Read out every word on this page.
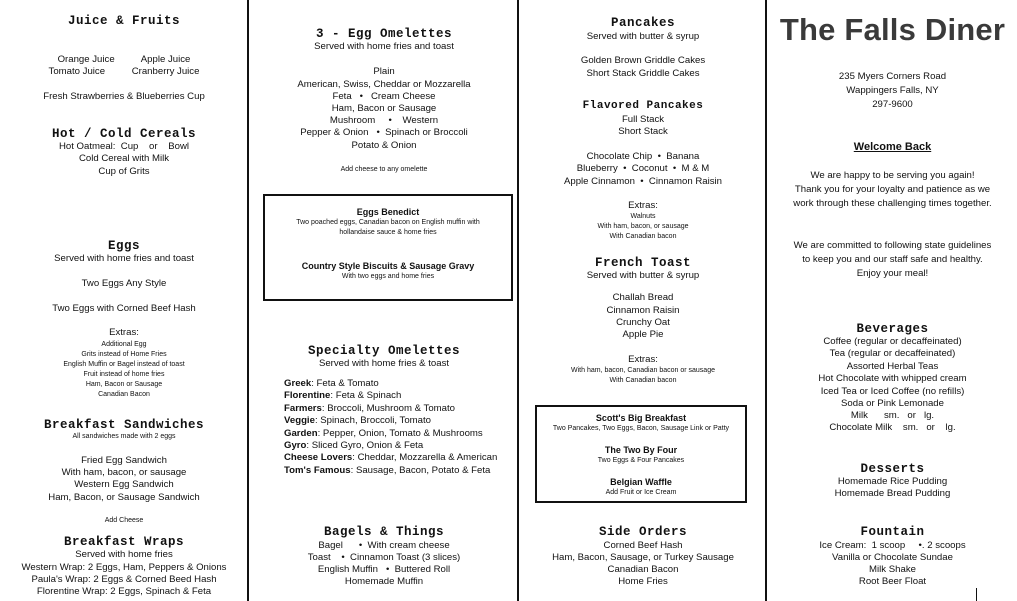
Juice & Fruits
Orange Juice          Apple Juice
Tomato Juice          Cranberry Juice
Fresh Strawberries & Blueberries Cup
Hot / Cold Cereals
Hot Oatmeal:  Cup    or    Bowl
Cold Cereal with Milk
Cup of Grits
Eggs
Served with home fries and toast
Two Eggs Any Style
Two Eggs with Corned Beef Hash
Extras:
Additional Egg
Grits instead of Home Fries
English Muffin or Bagel instead of toast
Fruit instead of home fries
Ham, Bacon or Sausage
Canadian Bacon
Breakfast Sandwiches
All sandwiches made with 2 eggs
Fried Egg Sandwich
With ham, bacon, or sausage
Western Egg Sandwich
Ham, Bacon, or Sausage Sandwich
Add Cheese
Breakfast Wraps
Served with home fries
Western Wrap: 2 Eggs, Ham, Peppers & Onions
Paula's Wrap: 2 Eggs & Corned Beed Hash
Florentine Wrap: 2 Eggs, Spinach & Feta
3 - Egg Omelettes
Served with home fries and toast
Plain
American, Swiss, Cheddar or Mozzarella
Feta   •   Cream Cheese
Ham, Bacon or Sausage
Mushroom     •    Western
Pepper & Onion   •  Spinach or Broccoli
Potato & Onion
Add cheese to any omelette
Eggs Benedict
Two poached eggs, Canadian bacon on English muffin with
hollandaise sauce & home fries
Country Style Biscuits & Sausage Gravy
With two eggs and home fries
Specialty Omelettes
Served with home fries & toast
Bagels & Things
Bagel      •  With cream cheese
Toast    •  Cinnamon Toast (3 slices)
English Muffin   •  Buttered Roll
Homemade Muffin
Greek: Feta & Tomato
Florentine: Feta & Spinach
Farmers: Broccoli, Mushroom & Tomato
Veggie: Spinach, Broccoli, Tomato
Garden: Pepper, Onion, Tomato & Mushrooms
Gyro: Sliced Gyro, Onion & Feta
Cheese Lovers: Cheddar, Mozzarella & American
Tom's Famous: Sausage, Bacon, Potato & Feta
Pancakes
Served with butter & syrup
Golden Brown Griddle Cakes
Short Stack Griddle Cakes
Flavored Pancakes
Full Stack
Short Stack
Chocolate Chip  •  Banana
Blueberry  •  Coconut  •  M & M
Apple Cinnamon  •  Cinnamon Raisin
Extras:
Walnuts
With ham, bacon, or sausage
With Canadian bacon
French Toast
Served with butter & syrup
Challah Bread
Cinnamon Raisin
Crunchy Oat
Apple Pie
Extras:
With ham, bacon, Canadian bacon or sausage
With Canadian bacon
Scott's Big Breakfast
Two Pancakes, Two Eggs, Bacon, Sausage Link or Patty
The Two By Four
Two Eggs & Four Pancakes
Belgian Waffle
Add Fruit or Ice Cream
Side Orders
Corned Beef Hash
Ham, Bacon, Sausage, or Turkey Sausage
Canadian Bacon
Home Fries
The Falls Diner
235 Myers Corners Road
Wappingers Falls, NY
297-9600
Welcome Back
We are happy to be serving you again!
Thank you for your loyalty and patience as we
work through these challenging times together.
We are committed to following state guidelines
to keep you and our staff safe and healthy.
Enjoy your meal!
Beverages
Coffee (regular or decaffeinated)
Tea (regular or decaffeinated)
Assorted Herbal Teas
Hot Chocolate with whipped cream
Iced Tea or Iced Coffee (no refills)
Soda or Pink Lemonade
Milk      sm.   or   lg.
Chocolate Milk    sm.   or    lg.
Desserts
Homemade Rice Pudding
Homemade Bread Pudding
Fountain
Ice Cream:  1 scoop     •. 2 scoops
Vanilla or Chocolate Sundae
Milk Shake
Root Beer Float
